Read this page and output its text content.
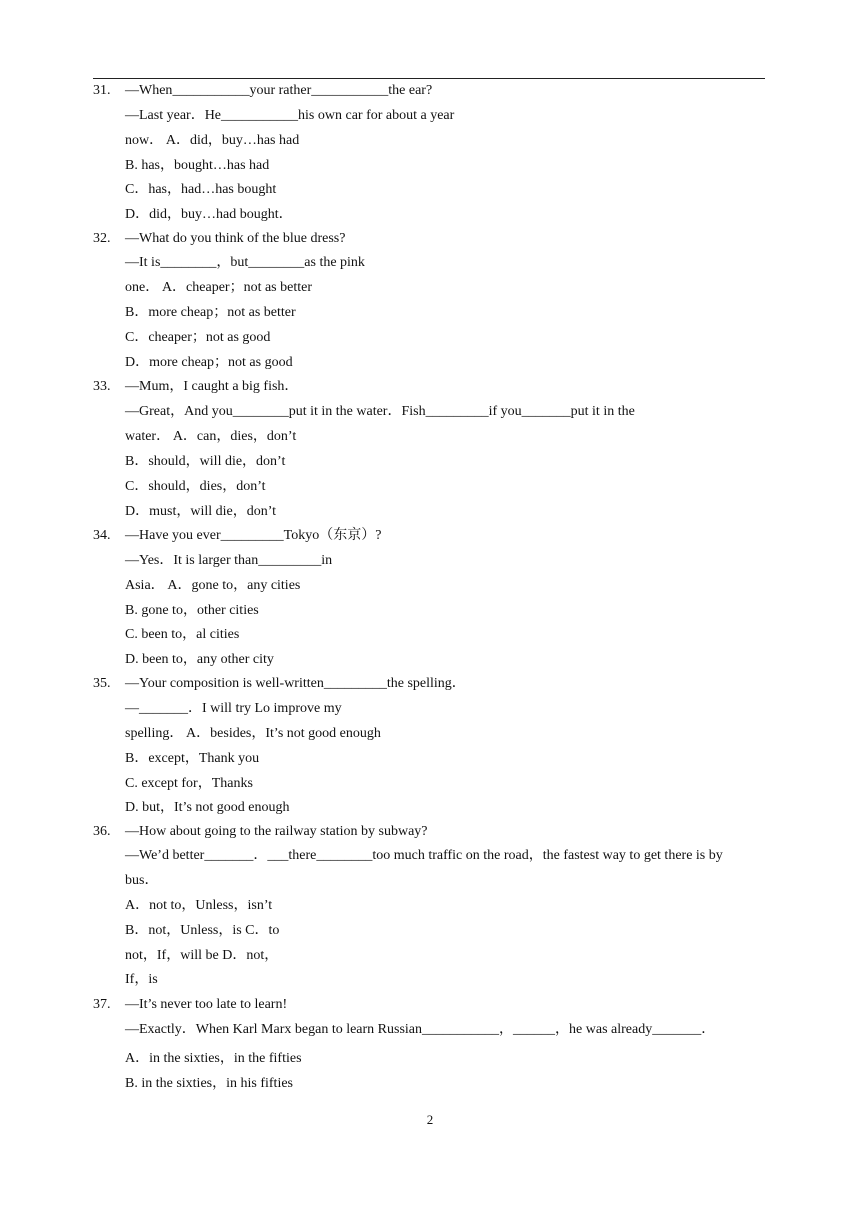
31. —When___________your rather___________the ear?
—Last year．He___________his own car for about a year
now． A．did，buy…has had
B. has，bought…has had
C．has，had…has bought
D．did，buy…had bought．
32. —What do you think of the blue dress?
—It is________，but________as the pink
one． A．cheaper；not as better
B．more cheap；not as better
C．cheaper；not as good
D．more cheap；not as good
33. —Mum，I caught a big fish．
—Great，And you________put it in the water．Fish_________if you_______put it in the
water． A．can，dies，don’t
B．should，will die，don’t
C．should，dies，don’t
D．must，will die，don’t
34. —Have you ever_________Tokyo（东京）?
—Yes．It is larger than_________in
Asia． A．gone to，any cities
B. gone to，other cities
C. been to，al cities
D. been to，any other city
35. —Your composition is well-written_________the spelling．
—_______．I will try Lo improve my
spelling． A．besides，It’s not good enough
B．except，Thank you
C. except for，Thanks
D. but，It’s not good enough
36. —How about going to the railway station by subway?
—We’d better_______．___there________too much traffic on the road，the fastest way to get there is by
bus．
A．not to，Unless，isn’t
B．not，Unless，is C．to
not，If，will be D．not，
If，is
37. —It’s never too late to learn!
—Exactly．When Karl Marx began to learn Russian___________，______，he was already_______．
A．in the sixties，in the fifties
B. in the sixties，in his fifties
2
